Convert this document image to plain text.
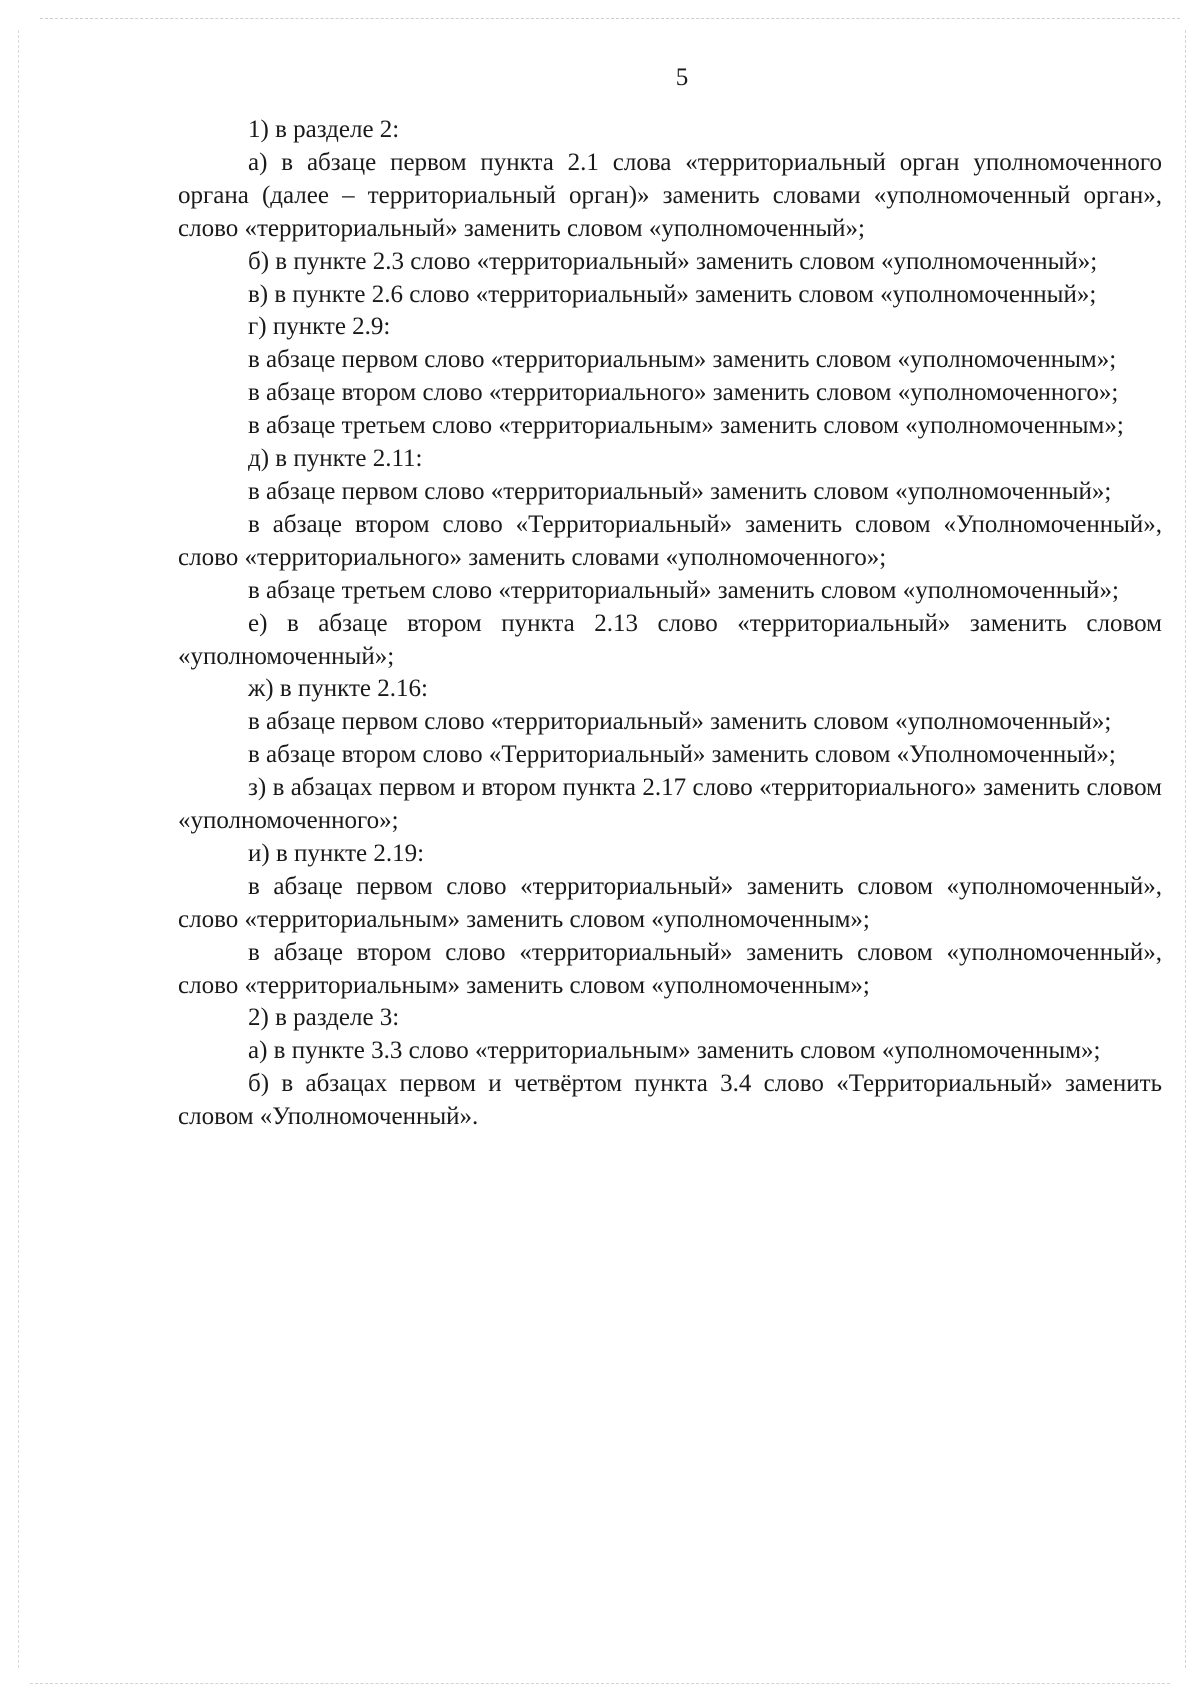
5

1) в разделе 2:

а) в абзаце первом пункта 2.1 слова «территориальный орган уполномоченного органа (далее – территориальный орган)» заменить словами «уполномоченный орган», слово «территориальный» заменить словом «уполномоченный»;

б) в пункте 2.3 слово «территориальный» заменить словом «уполномоченный»;

в) в пункте 2.6 слово «территориальный» заменить словом «уполномоченный»;

г) пункте 2.9:

в абзаце первом слово «территориальным» заменить словом «уполномоченным»;

в абзаце втором слово «территориального» заменить словом «уполномоченного»;

в абзаце третьем слово «территориальным» заменить словом «уполномоченным»;

д) в пункте 2.11:

в абзаце первом слово «территориальный» заменить словом «уполномоченный»;

в абзаце втором слово «Территориальный» заменить словом «Уполномоченный», слово «территориального» заменить словами «уполномоченного»;

в абзаце третьем слово «территориальный» заменить словом «уполномоченный»;

е) в абзаце втором пункта 2.13 слово «территориальный» заменить словом «уполномоченный»;

ж) в пункте 2.16:

в абзаце первом слово «территориальный» заменить словом «уполномоченный»;

в абзаце втором слово «Территориальный» заменить словом «Уполномоченный»;

з) в абзацах первом и втором пункта 2.17 слово «территориального» заменить словом «уполномоченного»;

и) в пункте 2.19:

в абзаце первом слово «территориальный» заменить словом «уполномоченный», слово «территориальным» заменить словом «уполномоченным»;

в абзаце втором слово «территориальный» заменить словом «уполномоченный», слово «территориальным» заменить словом «уполномоченным»;

2) в разделе 3:

а) в пункте 3.3 слово «территориальным» заменить словом «уполномоченным»;

б) в абзацах первом и четвёртом пункта 3.4 слово «Территориальный» заменить словом «Уполномоченный».
